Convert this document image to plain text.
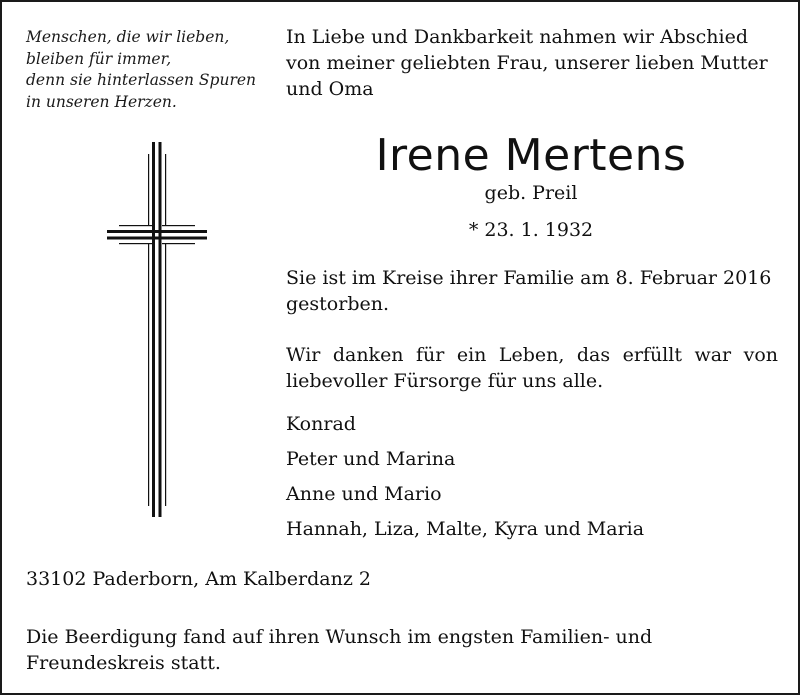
Menschen, die wir lieben,
bleiben für immer,
denn sie hinterlassen Spuren
in unseren Herzen.
In Liebe und Dankbarkeit nahmen wir Abschied von meiner geliebten Frau, unserer lieben Mutter und Oma
Irene Mertens
geb. Preil
* 23. 1. 1932
Sie ist im Kreise ihrer Familie am 8. Februar 2016 gestorben.
Wir danken für ein Leben, das erfüllt war von liebevoller Fürsorge für uns alle.
Konrad
Peter und Marina
Anne und Mario
Hannah, Liza, Malte, Kyra und Maria
33102 Paderborn, Am Kalberdanz 2
Die Beerdigung fand auf ihren Wunsch im engsten Familien- und Freundeskreis statt.
